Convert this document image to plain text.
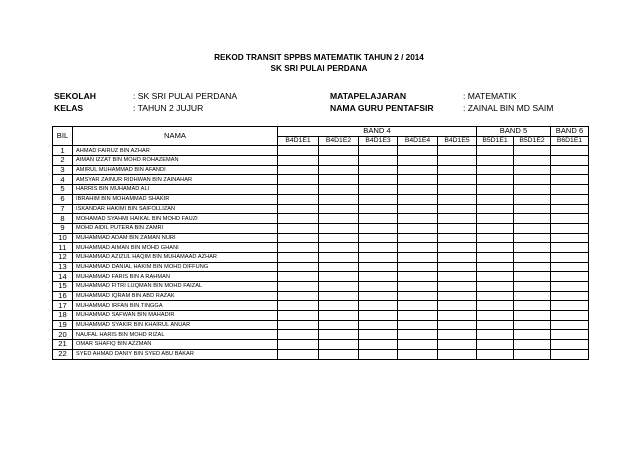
REKOD TRANSIT SPPBS MATEMATIK TAHUN 2 / 2014
SK SRI PULAI PERDANA
SEKOLAH	: SK SRI PULAI PERDANA
KELAS	: TAHUN 2 JUJUR
MATAPELAJARAN	: MATEMATIK
NAMA GURU PENTAFSIR	: ZAINAL BIN MD SAIM
BIL	NAMA	BAND 4					BAND 5		BAND 6
		B4D1E1	B4D1E2	B4D1E3	B4D1E4	B4D1E5	B5D1E1	B5D1E2	B6D1E1
1	AHMAD FAIRUZ BIN AZHAR								
2	AIMAN IZZAT BIN MOHD ROHAZEMAN								
3	AMIRUL MUHAMMAD BIN AFANDI								
4	AMSYAR ZAINUR RIDHWAN BIN ZAINAHAR								
5	HARRIS BIN MUHAMAD ALI								
6	IBRAHIM BIN MOHAMMAD SHAKIR								
7	ISKANDAR HAKIMI BIN SAIFOLLIZAN								
8	MOHAMAD SYAHMI HAIKAL BIN MOHD FAUZI								
9	MOHD AIDIL PUTERA BIN ZAMRI								
10	MUHAMMAD ADAM BIN ZAMAN NURI								
11	MUHAMMAD AIMAN BIN MOHD GHANI								
12	MUHAMMAD AZIZUL HAQIM BIN MUHAMAAD AZHAR								
13	MUHAMMAD DANIAL HAKIM BIN MOHD DIFFUNG								
14	MUHAMMAD FARIS BIN A RAHMAN								
15	MUHAMMAD FITRI LUQMAN BIN MOHD FAIZAL								
16	MUHAMMAD IQRAM BIN ABD RAZAK								
17	MUHAMMAD IRFAN BIN TINGGA								
18	MUHAMMAD SAFWAN BIN MAHADIR								
19	MUHAMMAD SYAKIR BIN KHAIRUL ANUAR								
20	NAUFAL HARIS BIN MOHD RIZAL								
21	OMAR SHAFIQ BIN AZZMAN								
22	SYED AHMAD DANIY BIN SYED ABU BAKAR								
